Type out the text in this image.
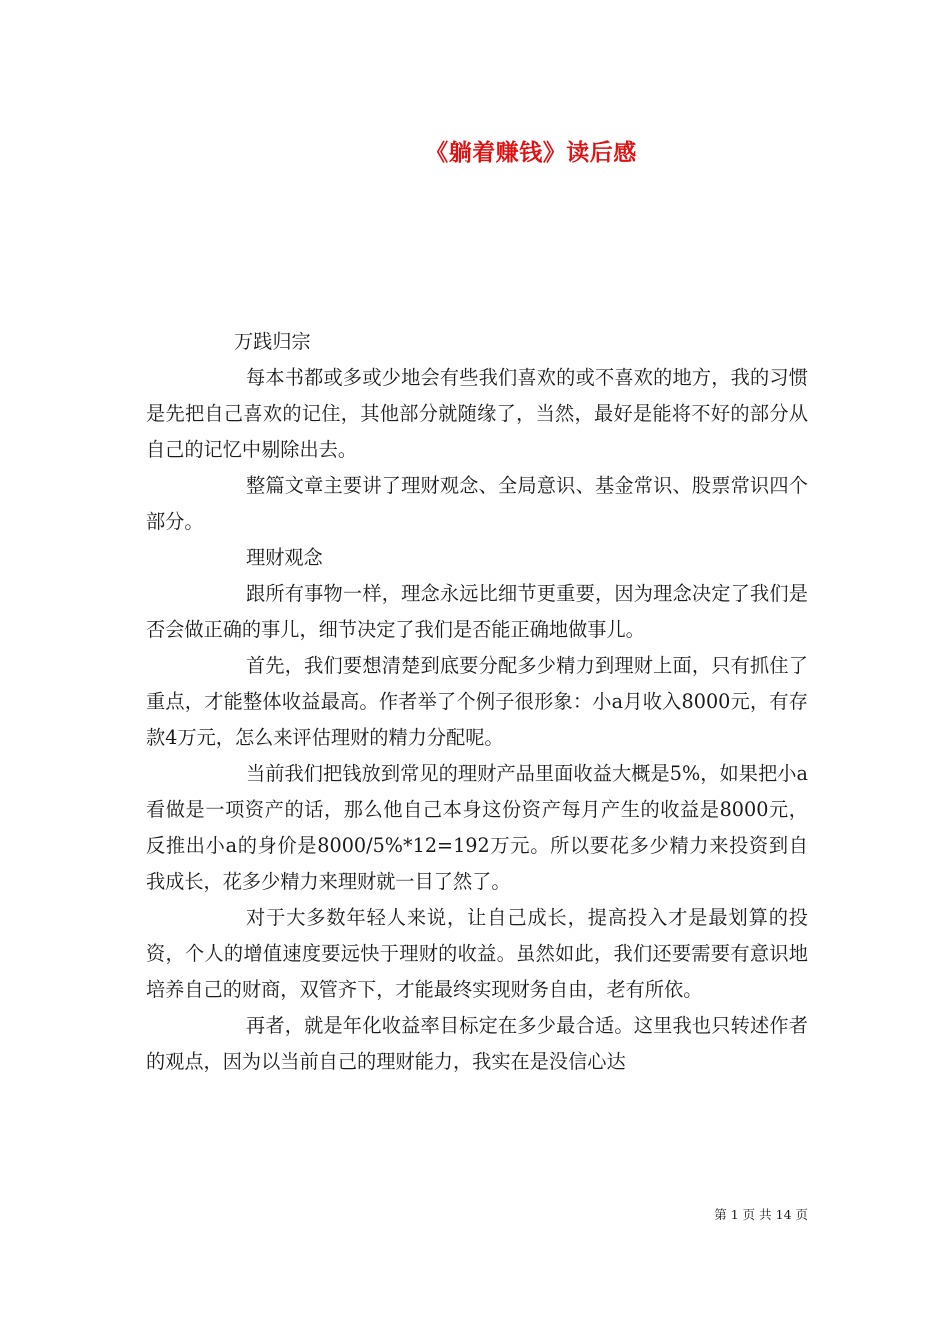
《躺着赚钱》读后感

万践归宗

每本书都或多或少地会有些我们喜欢的或不喜欢的地方，我的习惯是先把自己喜欢的记住，其他部分就随缘了，当然，最好是能将不好的部分从自己的记忆中剔除出去。

整篇文章主要讲了理财观念、全局意识、基金常识、股票常识四个部分。

理财观念

跟所有事物一样，理念永远比细节更重要，因为理念决定了我们是否会做正确的事儿，细节决定了我们是否能正确地做事儿。

首先，我们要想清楚到底要分配多少精力到理财上面，只有抓住了重点，才能整体收益最高。作者举了个例子很形象：小a月收入8000元，有存款4万元，怎么来评估理财的精力分配呢。

当前我们把钱放到常见的理财产品里面收益大概是5%，如果把小a看做是一项资产的话，那么他自己本身这份资产每月产生的收益是8000元，反推出小a的身价是8000/5%*12=192万元。所以要花多少精力来投资到自我成长，花多少精力来理财就一目了然了。

对于大多数年轻人来说，让自己成长，提高投入才是最划算的投资，个人的增值速度要远快于理财的收益。虽然如此，我们还要需要有意识地培养自己的财商，双管齐下，才能最终实现财务自由，老有所依。

再者，就是年化收益率目标定在多少最合适。这里我也只转述作者的观点，因为以当前自己的理财能力，我实在是没信心达

第 1 页 共 14 页
